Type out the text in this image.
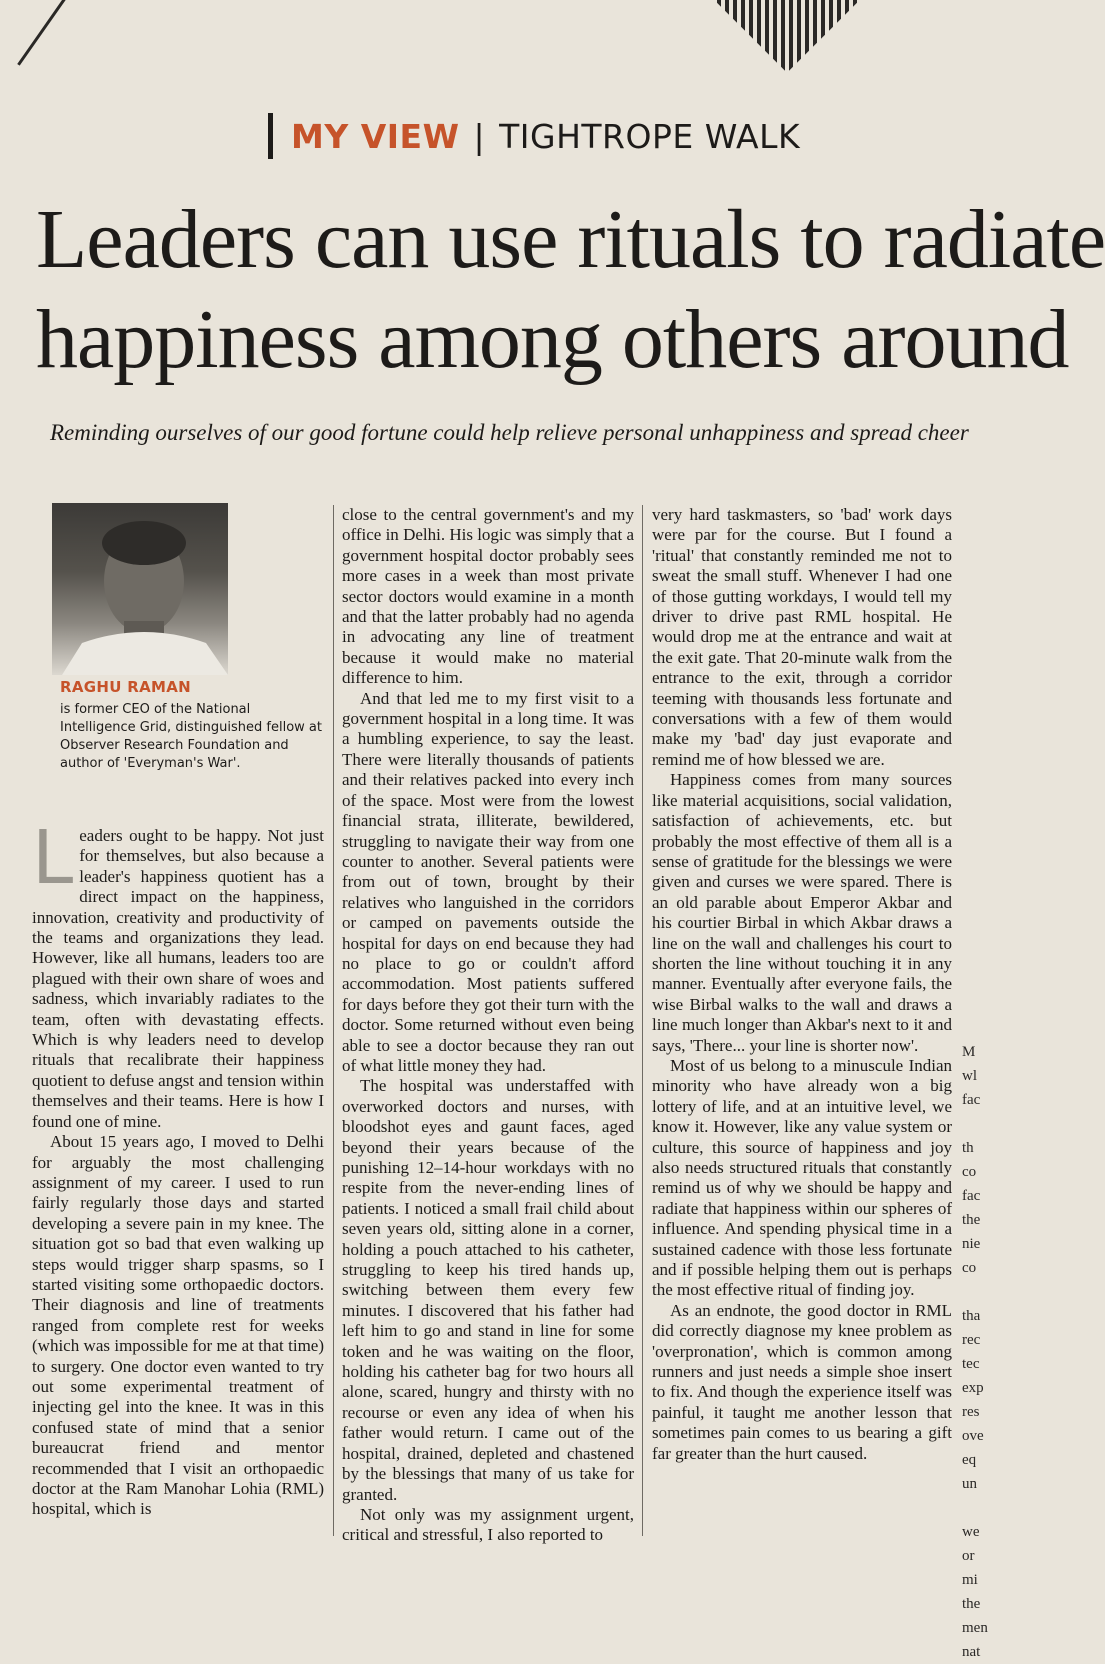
MY VIEW | TIGHTROPE WALK
Leaders can use rituals to radiate
happiness among others around

Reminding ourselves of our good fortune could help relieve personal unhappiness and spread cheer

RAGHU RAMAN

is former CEO of the National Intelligence Grid, distinguished fellow at Observer Research Foundation and author of 'Everyman's War'.

Leaders ought to be happy. Not just for themselves, but also because a leader's happiness quotient has a direct impact on the happiness, innovation, creativity and productivity of the teams and organizations they lead. However, like all humans, leaders too are plagued with their own share of woes and sadness, which invariably radiates to the team, often with devastating effects. Which is why leaders need to develop rituals that recalibrate their happiness quotient to defuse angst and tension within themselves and their teams. Here is how I found one of mine.

About 15 years ago, I moved to Delhi for arguably the most challenging assignment of my career. I used to run fairly regularly those days and started developing a severe pain in my knee. The situation got so bad that even walking up steps would trigger sharp spasms, so I started visiting some orthopaedic doctors. Their diagnosis and line of treatments ranged from complete rest for weeks (which was impossible for me at that time) to surgery. One doctor even wanted to try out some experimental treatment of injecting gel into the knee. It was in this confused state of mind that a senior bureaucrat friend and mentor recommended that I visit an orthopaedic doctor at the Ram Manohar Lohia (RML) hospital, which is

close to the central government's and my office in Delhi. His logic was simply that a government hospital doctor probably sees more cases in a week than most private sector doctors would examine in a month and that the latter probably had no agenda in advocating any line of treatment because it would make no material difference to him.

And that led me to my first visit to a government hospital in a long time. It was a humbling experience, to say the least. There were literally thousands of patients and their relatives packed into every inch of the space. Most were from the lowest financial strata, illiterate, bewildered, struggling to navigate their way from one counter to another. Several patients were from out of town, brought by their relatives who languished in the corridors or camped on pavements outside the hospital for days on end because they had no place to go or couldn't afford accommodation. Most patients suffered for days before they got their turn with the doctor. Some returned without even being able to see a doctor because they ran out of what little money they had.

The hospital was understaffed with overworked doctors and nurses, with bloodshot eyes and gaunt faces, aged beyond their years because of the punishing 12–14-hour workdays with no respite from the never-ending lines of patients. I noticed a small frail child about seven years old, sitting alone in a corner, holding a pouch attached to his catheter, struggling to keep his tired hands up, switching between them every few minutes. I discovered that his father had left him to go and stand in line for some token and he was waiting on the floor, holding his catheter bag for two hours all alone, scared, hungry and thirsty with no recourse or even any idea of when his father would return. I came out of the hospital, drained, depleted and chastened by the blessings that many of us take for granted.

Not only was my assignment urgent, critical and stressful, I also reported to

very hard taskmasters, so 'bad' work days were par for the course. But I found a 'ritual' that constantly reminded me not to sweat the small stuff. Whenever I had one of those gutting workdays, I would tell my driver to drive past RML hospital. He would drop me at the entrance and wait at the exit gate. That 20-minute walk from the entrance to the exit, through a corridor teeming with thousands less fortunate and conversations with a few of them would make my 'bad' day just evaporate and remind me of how blessed we are.

Happiness comes from many sources like material acquisitions, social validation, satisfaction of achievements, etc. but probably the most effective of them all is a sense of gratitude for the blessings we were given and curses we were spared. There is an old parable about Emperor Akbar and his courtier Birbal in which Akbar draws a line on the wall and challenges his court to shorten the line without touching it in any manner. Eventually after everyone fails, the wise Birbal walks to the wall and draws a line much longer than Akbar's next to it and says, 'There... your line is shorter now'.

Most of us belong to a minuscule Indian minority who have already won a big lottery of life, and at an intuitive level, we know it. However, like any value system or culture, this source of happiness and joy also needs structured rituals that constantly remind us of why we should be happy and radiate that happiness within our spheres of influence. And spending physical time in a sustained cadence with those less fortunate and if possible helping them out is perhaps the most effective ritual of finding joy.

As an endnote, the good doctor in RML did correctly diagnose my knee problem as 'overpronation', which is common among runners and just needs a simple shoe insert to fix. And though the experience itself was painful, it taught me another lesson that sometimes pain comes to us bearing a gift far greater than the hurt caused.

M
wl
fac

th
co
fac
the
nie
co

tha
rec
tec
exp
res
ove
eq
un

we
or
mi
the
men
nat
